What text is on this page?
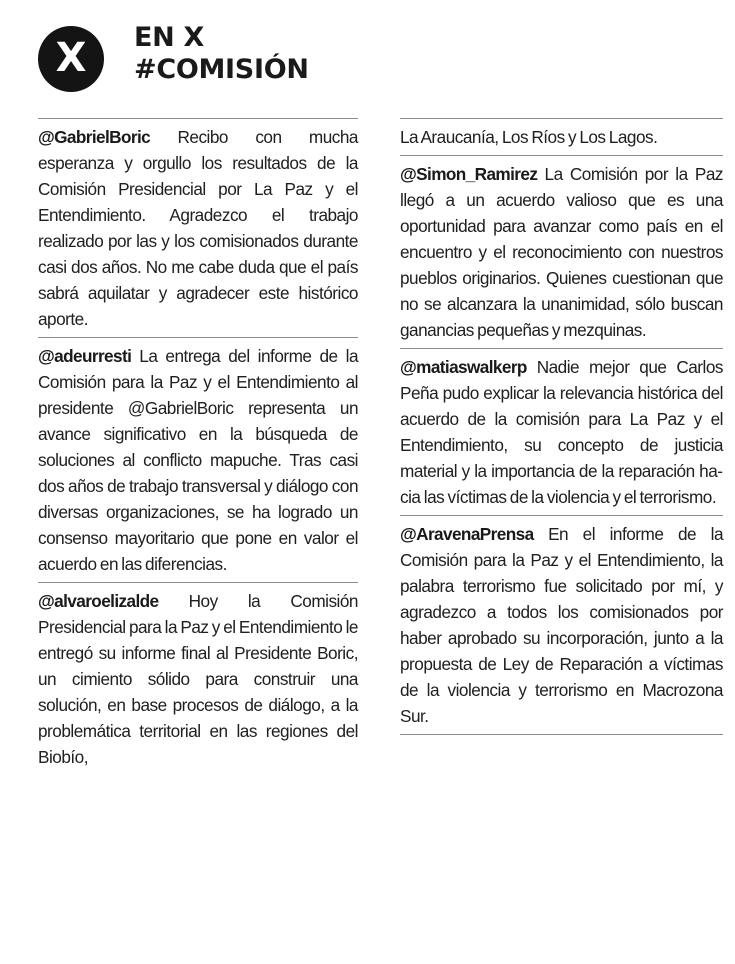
X EN X
#COMISIÓN
@GabrielBoric Recibo con mucha esperanza y orgullo los resultados de la Comisión Presidencial por La Paz y el Entendimiento. Agradezco el trabajo realizado por las y los comisionados durante casi dos años. No me cabe duda que el país sabrá aquilatar y agradecer este histórico aporte.
@adeurresti La entrega del informe de la Comisión para la Paz y el Entendimiento al presidente @GabrielBoric representa un avance significativo en la búsqueda de soluciones al conflicto mapuche. Tras casi dos años de trabajo transversal y diálogo con diversas organizaciones, se ha logrado un consenso mayoritario que pone en valor el acuerdo en las diferencias.
@alvaroelizalde Hoy la Comisión Presidencial para la Paz y el Entendimiento le entregó su informe final al Presidente Boric, un cimiento sólido para construir una solución, en base procesos de diálogo, a la problemática territorial en las regiones del Biobío,
La Araucanía, Los Ríos y Los Lagos.
@Simon_Ramirez La Comisión por la Paz llegó a un acuerdo valioso que es una oportunidad para avanzar como país en el encuentro y el reconocimiento con nuestros pueblos originarios. Quienes cuestionan que no se alcanzara la unanimidad, sólo buscan ganancias pequeñas y mezquinas.
@matiaswalkerp Nadie mejor que Carlos Peña pudo explicar la relevancia histórica del acuerdo de la comisión para La Paz y el Entendimiento, su concepto de justicia material y la importancia de la reparación hacia las víctimas de la violencia y el terrorismo.
@AravenaPrensa En el informe de la Comisión para la Paz y el Entendimiento, la palabra terrorismo fue solicitado por mí, y agradezco a todos los comisionados por haber aprobado su incorporación, junto a la propuesta de Ley de Reparación a víctimas de la violencia y terrorismo en Macrozona Sur.
